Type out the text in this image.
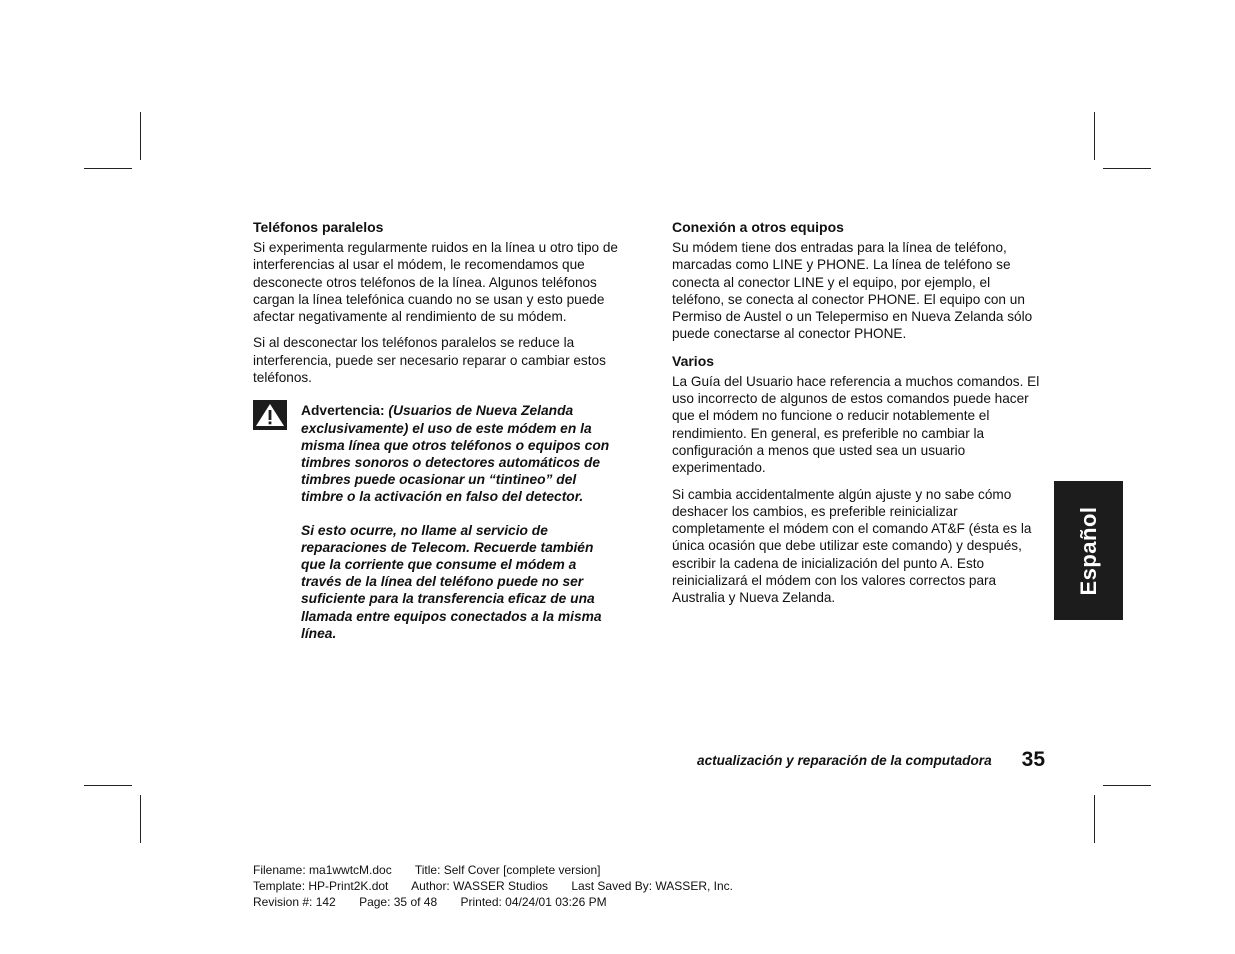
Teléfonos paralelos

Si experimenta regularmente ruidos en la línea u otro tipo de interferencias al usar el módem, le recomendamos que desconecte otros teléfonos de la línea. Algunos teléfonos cargan la línea telefónica cuando no se usan y esto puede afectar negativamente al rendimiento de su módem.

Si al desconectar los teléfonos paralelos se reduce la interferencia, puede ser necesario reparar o cambiar estos teléfonos.

Advertencia: (Usuarios de Nueva Zelanda exclusivamente) el uso de este módem en la misma línea que otros teléfonos o equipos con timbres sonoros o detectores automáticos de timbres puede ocasionar un “tintineo” del timbre o la activación en falso del detector.

Si esto ocurre, no llame al servicio de reparaciones de Telecom. Recuerde también que la corriente que consume el módem a través de la línea del teléfono puede no ser suficiente para la transferencia eficaz de una llamada entre equipos conectados a la misma línea.

Conexión a otros equipos

Su módem tiene dos entradas para la línea de teléfono, marcadas como LINE y PHONE. La línea de teléfono se conecta al conector LINE y el equipo, por ejemplo, el teléfono, se conecta al conector PHONE. El equipo con un Permiso de Austel o un Telepermiso en Nueva Zelanda sólo puede conectarse al conector PHONE.

Varios

La Guía del Usuario hace referencia a muchos comandos. El uso incorrecto de algunos de estos comandos puede hacer que el módem no funcione o reducir notablemente el rendimiento. En general, es preferible no cambiar la configuración a menos que usted sea un usuario experimentado.

Si cambia accidentalmente algún ajuste y no sabe cómo deshacer los cambios, es preferible reinicializar completamente el módem con el comando AT&F (ésta es la única ocasión que debe utilizar este comando) y después, escribir la cadena de inicialización del punto A. Esto reinicializará el módem con los valores correctos para Australia y Nueva Zelanda.

Español
actualización y reparación de la computadora 35
Filename: ma1wwtcM.doc Title: Self Cover [complete version]
Template: HP-Print2K.dot Author: WASSER Studios Last Saved By: WASSER, Inc.
Revision #: 142 Page: 35 of 48 Printed: 04/24/01 03:26 PM
